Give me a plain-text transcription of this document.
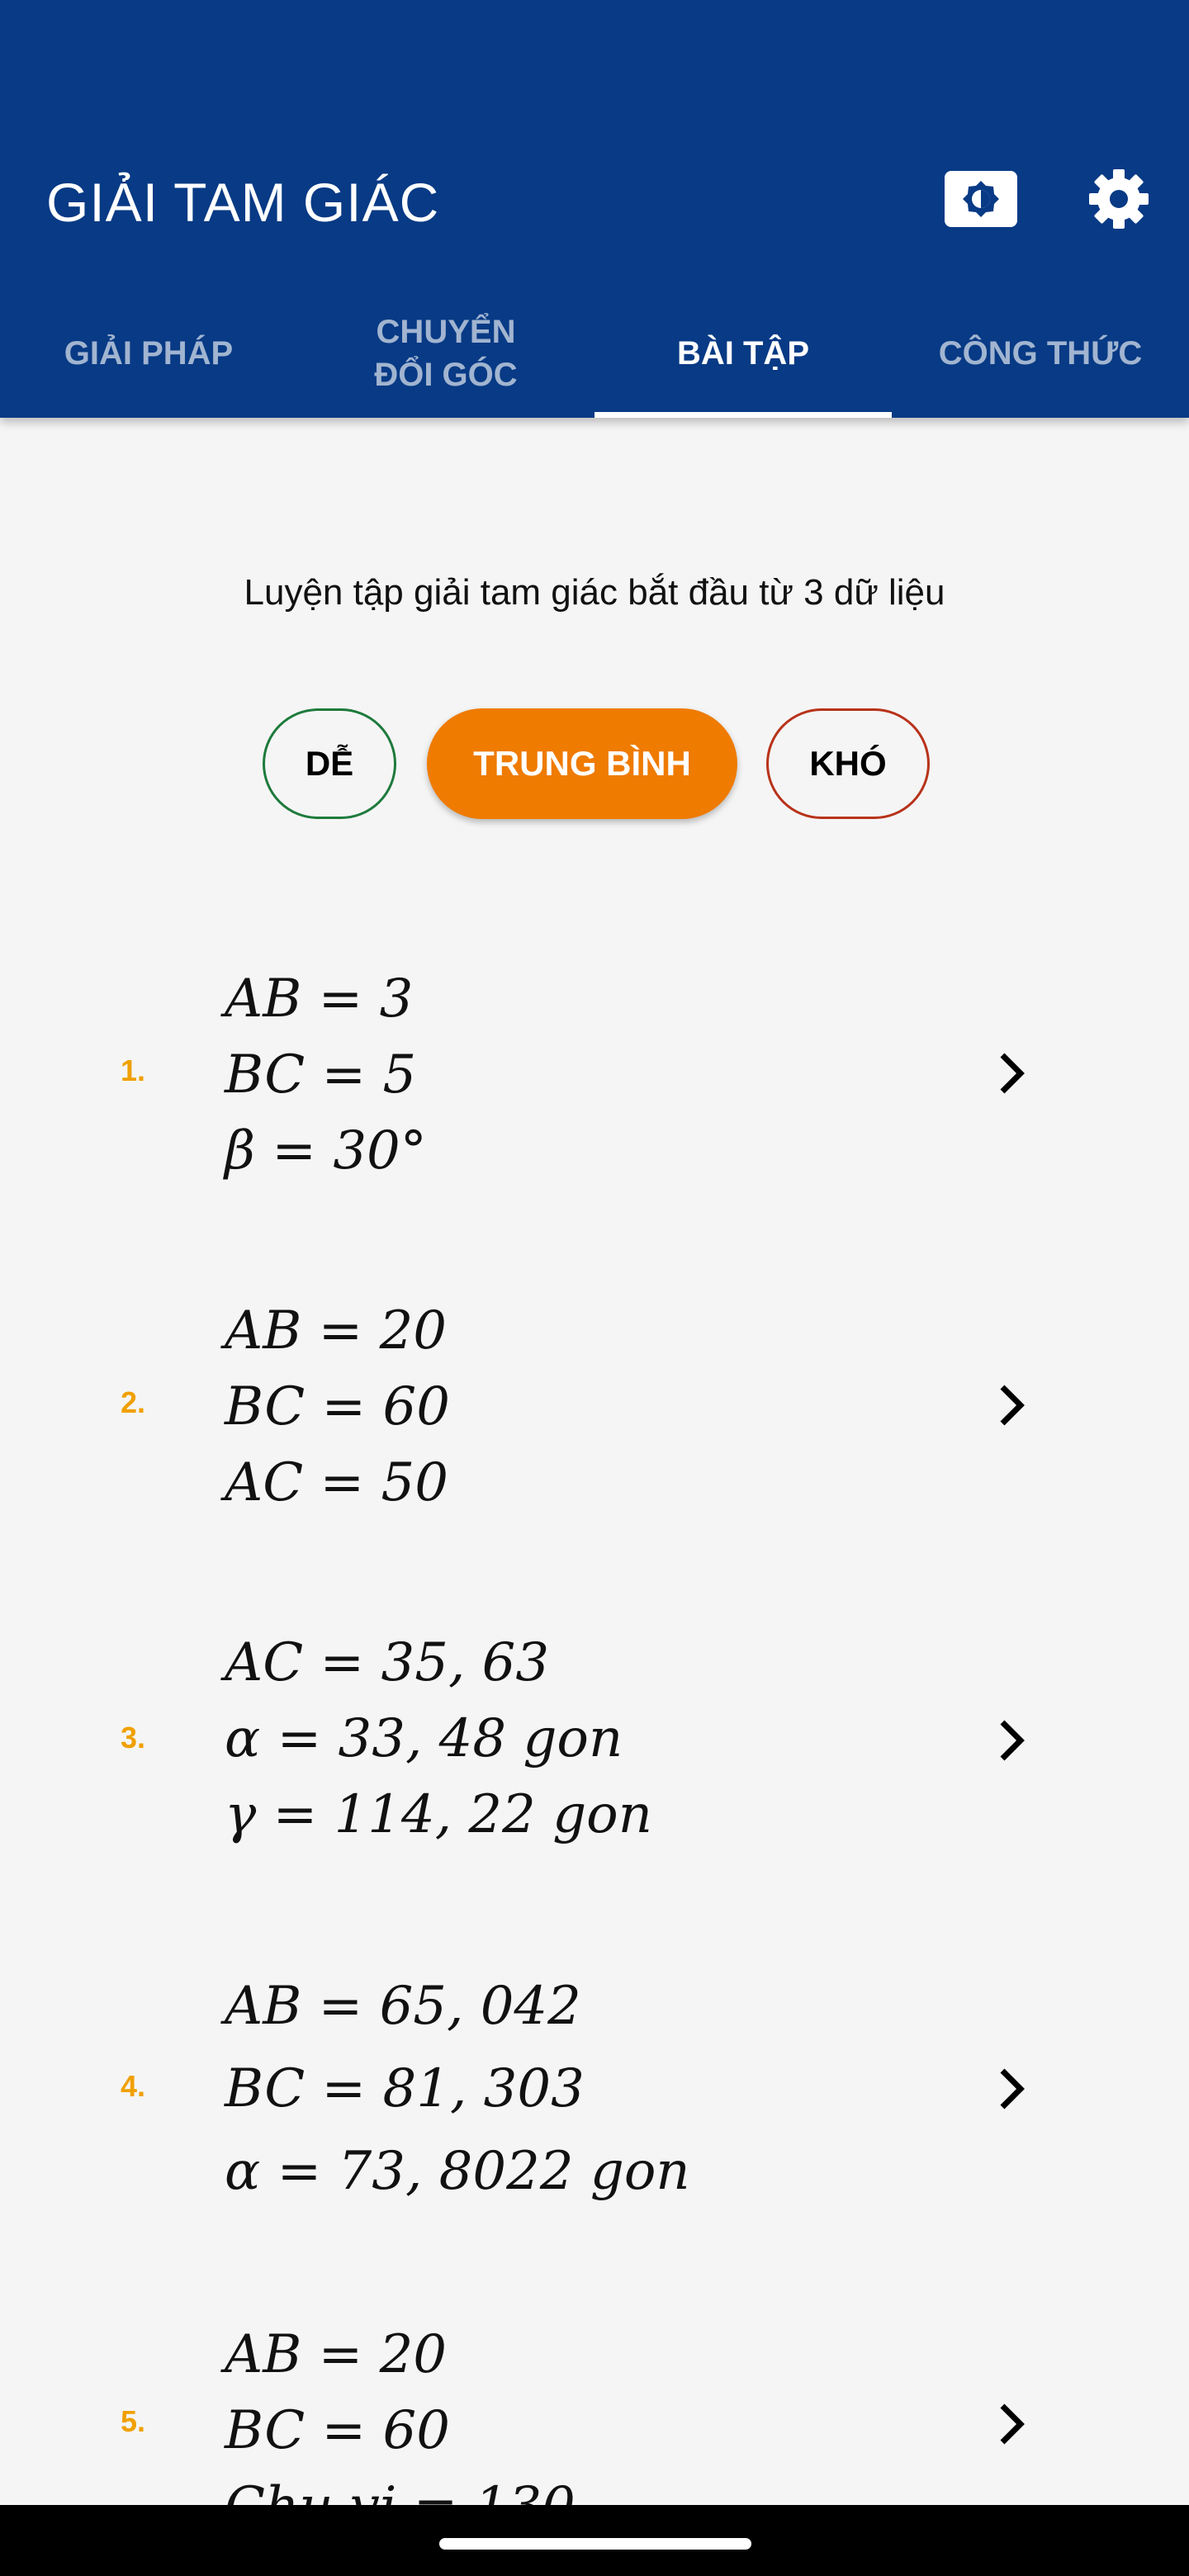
GIẢI TAM GIÁC
GIẢI PHÁP
CHUYỂN
ĐỔI GÓC
BÀI TẬP	CÔNG THỨC
Luyện tập giải tam giác bắt đầu từ 3 dữ liệu
DỄ	TRUNG BÌNH	KHÓ
1.
AB = 3
BC = 5
β = 30°
2.
AB = 20
BC = 60
AC = 50
3.
AC = 35, 63
α = 33, 48 gon
γ = 114, 22 gon
4.
AB = 65, 042
BC = 81, 303
α = 73, 8022 gon
5.
AB = 20
BC = 60
